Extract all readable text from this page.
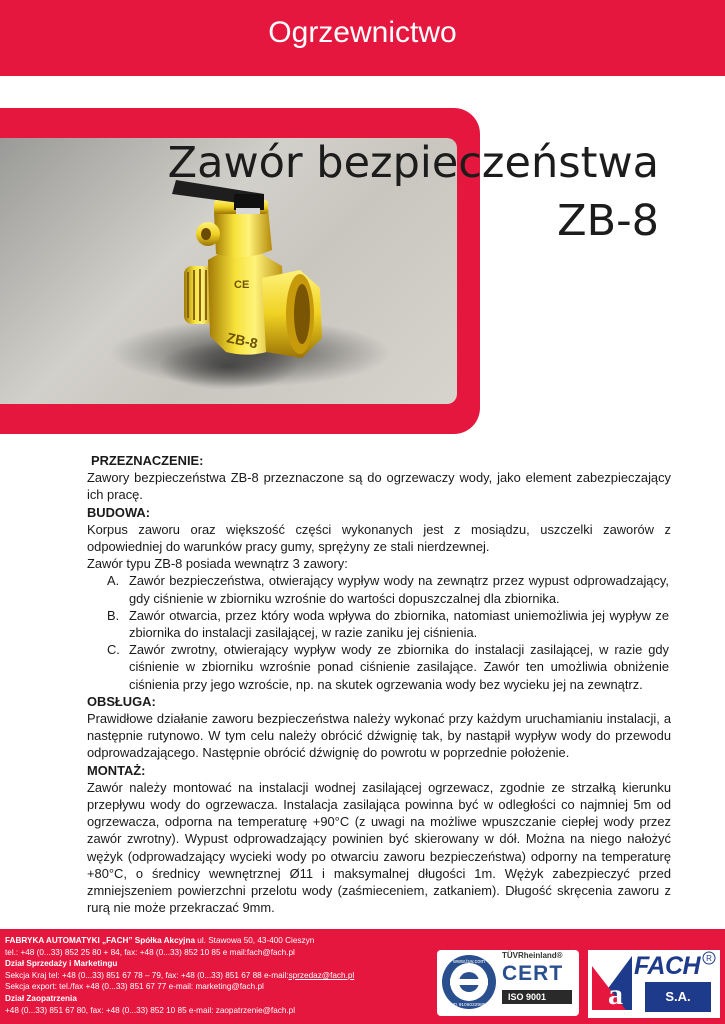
Ogrzewnictwo
ZB-8
CE
Zawór bezpieczeństwa
ZB-8

PRZEZNACZENIE:

Zawory bezpieczeństwa ZB-8 przeznaczone są do ogrzewaczy wody, jako element zabezpieczający ich pracę.

BUDOWA:

Korpus zaworu oraz większość części wykonanych jest z mosiądzu, uszczelki zaworów z odpowiedniej do warunków pracy gumy, sprężyny ze stali nierdzewnej.

Zawór typu ZB-8 posiada wewnątrz 3 zawory:

A. Zawór bezpieczeństwa, otwierający wypływ wody na zewnątrz przez wypust odprowadzający, gdy ciśnienie w zbiorniku wzrośnie do wartości dopuszczalnej dla zbiornika.
B. Zawór otwarcia, przez który woda wpływa do zbiornika, natomiast uniemożliwia jej wypływ ze zbiornika do instalacji zasilającej, w razie zaniku jej ciśnienia.
C. Zawór zwrotny, otwierający wypływ wody ze zbiornika do instalacji zasilającej, w razie gdy ciśnienie w zbiorniku wzrośnie ponad ciśnienie zasilające. Zawór ten umożliwia obniżenie ciśnienia przy jego wzroście, np. na skutek ogrzewania wody bez wycieku jej na zewnątrz.

OBSŁUGA:

Prawidłowe działanie zaworu bezpieczeństwa należy wykonać przy każdym uruchamianiu instalacji, a następnie rutynowo. W tym celu należy obrócić dźwignię tak, by nastąpił wypływ wody do przewodu odprowadzającego. Następnie obrócić dźwignię do powrotu w poprzednie położenie.

MONTAŻ:

Zawór należy montować na instalacji wodnej zasilającej ogrzewacz, zgodnie ze strzałką kierunku przepływu wody do ogrzewacza. Instalacja zasilająca powinna być w odległości co najmniej 5m od ogrzewacza, odporna na temperaturę +90°C (z uwagi na możliwe wpuszczanie ciepłej wody przez zawór zwrotny). Wypust odprowadzający powinien być skierowany w dół. Można na niego nałożyć wężyk (odprowadzający wycieki wody po otwarciu zaworu bezpieczeństwa) odporny na temperaturę +80°C, o średnicy wewnętrznej Ø11 i maksymalnej długości 1m. Wężyk zabezpieczyć przed zmniejszeniem powierzchni przelotu wody (zaśmieceniem, zatkaniem). Długość skręcenia zaworu z rurą nie może przekraczać 9mm.

FABRYKA AUTOMATYKI „FACH” Spółka Akcyjna ul. Stawowa 50, 43-400 Cieszyn
tel.: +48 (0...33) 852 25 80 + 84, fax: +48 (0...33) 852 10 85 e mail:fach@fach.pl
Dział Sprzedaży i Marketingu
Sekcja Kraj tel: +48 (0...33) 851 67 78 – 79, fax: +48 (0...33) 851 67 88 e-mail:sprzedaz@fach.pl
Sekcja export: tel./fax +48 (0...33) 851 67 77 e-mail: marketing@fach.pl
Dział Zaopatrzenia
+48 (0...33) 851 67 80, fax: +48 (0...33) 852 10 85 e-mail: zaopatrzenie@fach.pl
www.tuv.com
ID 9105032985
TÜVRheinland®
CERT
ISO 9001	a
FACH R
S.A.
